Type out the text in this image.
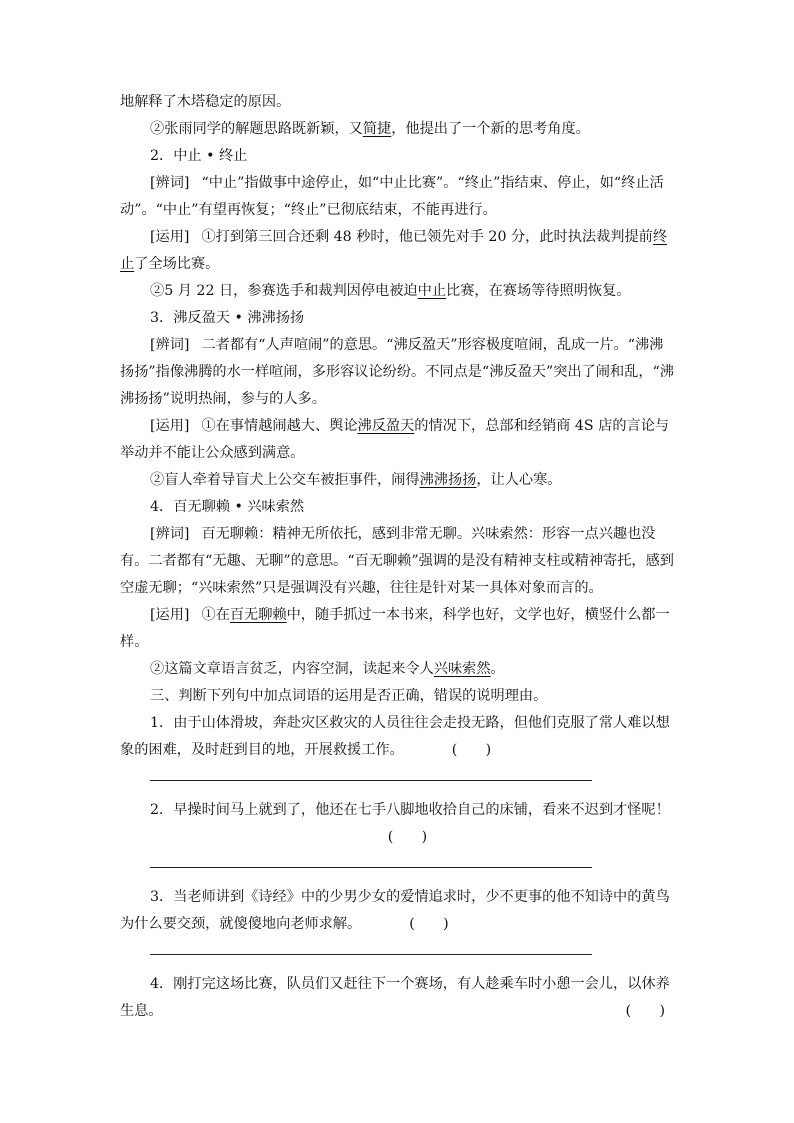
地解释了木塔稳定的原因。

②张雨同学的解题思路既新颖，又简捷，他提出了一个新的思考角度。

2．中止 • 终止

[辨词] “中止”指做事中途停止，如“中止比赛”。“终止”指结束、停止，如“终止活动”。“中止”有望再恢复；“终止”已彻底结束，不能再进行。

[运用] ①打到第三回合还剩 48 秒时，他已领先对手 20 分，此时执法裁判提前终止了全场比赛。

②5 月 22 日，参赛选手和裁判因停电被迫中止比赛，在赛场等待照明恢复。

3．沸反盈天 • 沸沸扬扬

[辨词] 二者都有“人声喧闹”的意思。“沸反盈天”形容极度喧闹，乱成一片。“沸沸扬扬”指像沸腾的水一样喧闹，多形容议论纷纷。不同点是“沸反盈天”突出了闹和乱，“沸沸扬扬”说明热闹，参与的人多。

[运用] ①在事情越闹越大、舆论沸反盈天的情况下，总部和经销商 4S 店的言论与举动并不能让公众感到满意。

②盲人牵着导盲犬上公交车被拒事件，闹得沸沸扬扬，让人心寒。

4．百无聊赖 • 兴味索然

[辨词] 百无聊赖：精神无所依托，感到非常无聊。兴味索然：形容一点兴趣也没有。二者都有“无趣、无聊”的意思。“百无聊赖”强调的是没有精神支柱或精神寄托，感到空虚无聊；“兴味索然”只是强调没有兴趣，往往是针对某一具体对象而言的。

[运用] ①在百无聊赖中，随手抓过一本书来，科学也好，文学也好，横竖什么都一样。

②这篇文章语言贫乏，内容空洞，读起来令人兴味索然。

三、判断下列句中加点词语的运用是否正确，错误的说明理由。

1．由于山体滑坡，奔赴灾区救灾的人员往往会走投无路，但他们克服了常人难以想象的困难，及时赶到目的地，开展救援工作。	(　　)

2．早操时间马上就到了，他还在七手八脚地收拾自己的床铺，看来不迟到才怪呢！

(　　)

3．当老师讲到《诗经》中的少男少女的爱情追求时，少不更事的他不知诗中的黄鸟为什么要交颈，就傻傻地向老师求解。	(　　)

4．刚打完这场比赛，队员们又赶往下一个赛场，有人趁乘车时小憩一会儿，以休养生息。	(　　)
